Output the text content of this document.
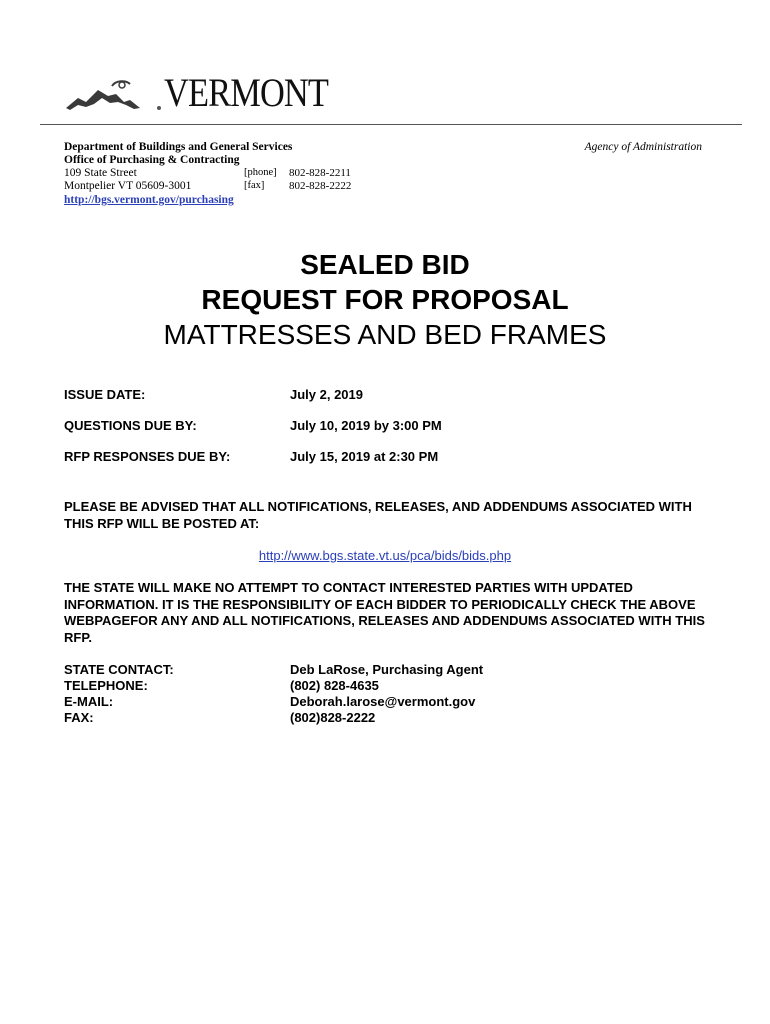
VERMONT
Department of Buildings and General Services
Office of Purchasing & Contracting
109 State Street	[phone] 802-828-2211
Montpelier VT 05609-3001	[fax] 802-828-2222
http://bgs.vermont.gov/purchasing
Agency of Administration
SEALED BID
REQUEST FOR PROPOSAL
MATTRESSES AND BED FRAMES
ISSUE DATE:	July 2, 2019
QUESTIONS DUE BY:	July 10, 2019 by 3:00 PM
RFP RESPONSES DUE BY:	July 15, 2019 at 2:30 PM
PLEASE BE ADVISED THAT ALL NOTIFICATIONS, RELEASES, AND ADDENDUMS ASSOCIATED WITH THIS RFP WILL BE POSTED AT:
http://www.bgs.state.vt.us/pca/bids/bids.php
THE STATE WILL MAKE NO ATTEMPT TO CONTACT INTERESTED PARTIES WITH UPDATED INFORMATION. IT IS THE RESPONSIBILITY OF EACH BIDDER TO PERIODICALLY CHECK THE ABOVE WEBPAGEFOR ANY AND ALL NOTIFICATIONS, RELEASES AND ADDENDUMS ASSOCIATED WITH THIS RFP.
STATE CONTACT:	Deb LaRose, Purchasing Agent
TELEPHONE:	(802) 828-4635
E-MAIL:	Deborah.larose@vermont.gov
FAX:	(802)828-2222
